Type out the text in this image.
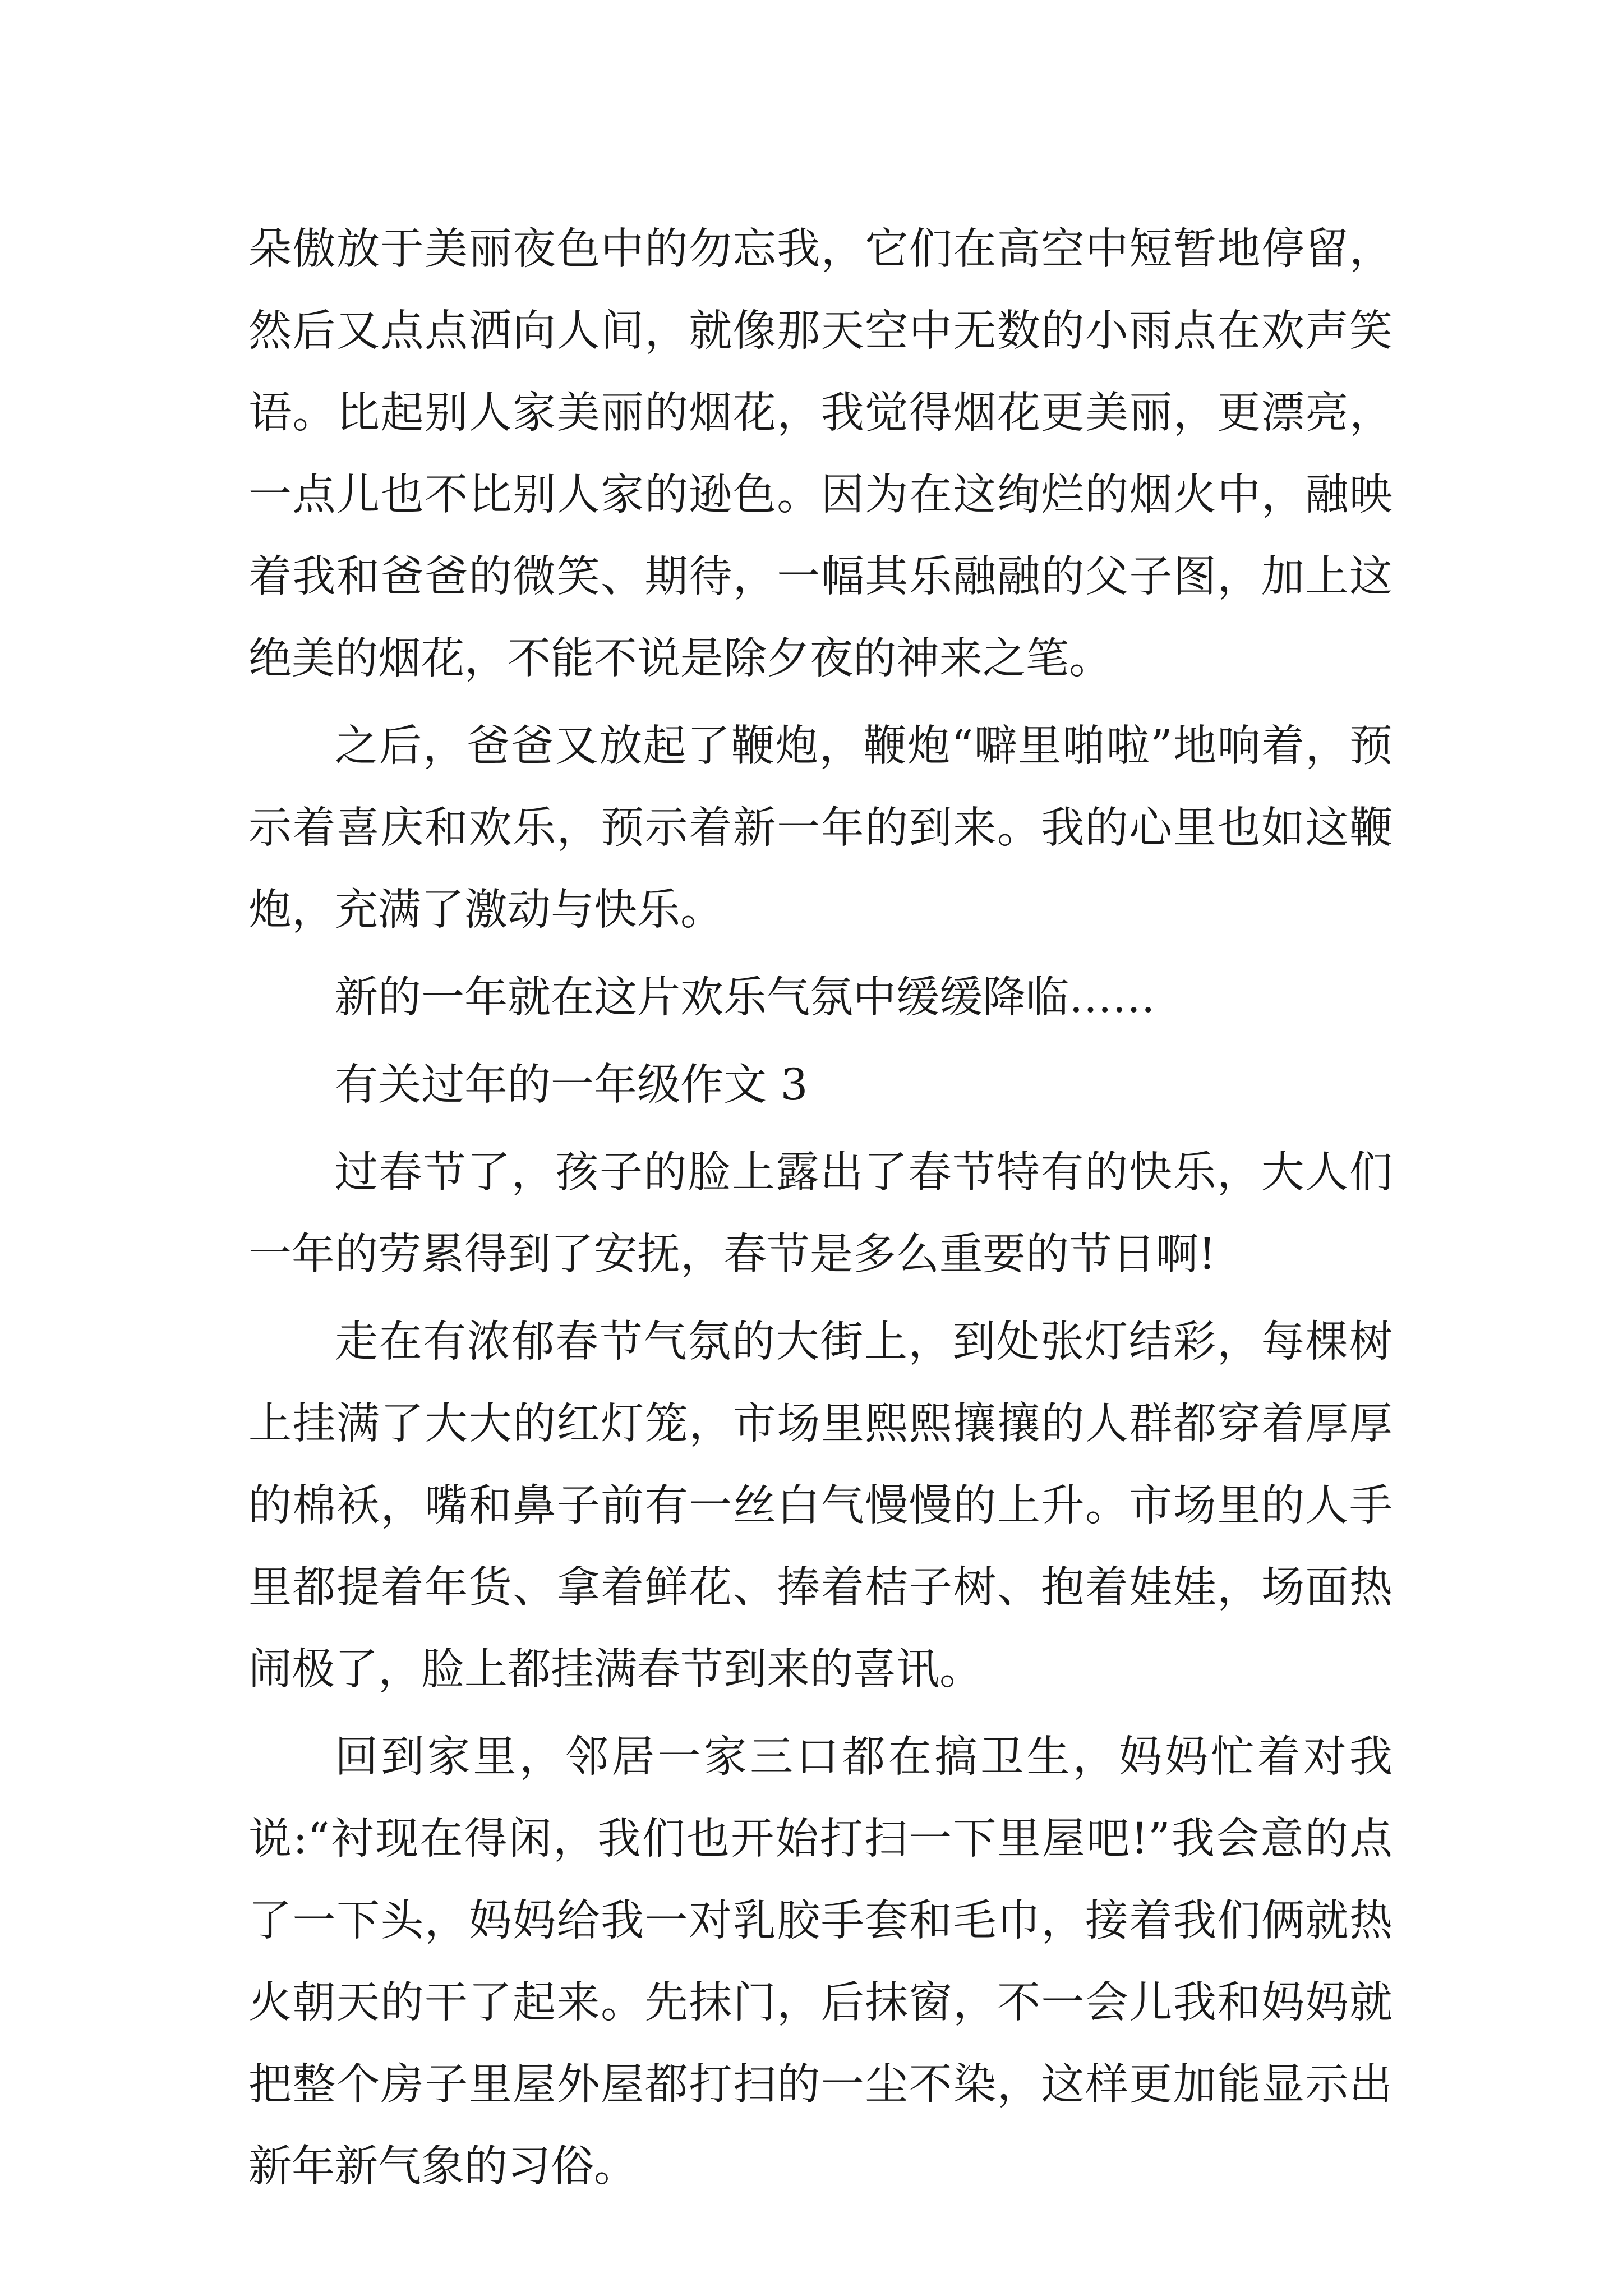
朵傲放于美丽夜色中的勿忘我，它们在高空中短暂地停留，然后又点点洒向人间，就像那天空中无数的小雨点在欢声笑语。比起别人家美丽的烟花，我觉得烟花更美丽，更漂亮，一点儿也不比别人家的逊色。因为在这绚烂的烟火中，融映着我和爸爸的微笑、期待，一幅其乐融融的父子图，加上这绝美的烟花，不能不说是除夕夜的神来之笔。

之后，爸爸又放起了鞭炮，鞭炮“噼里啪啦”地响着，预示着喜庆和欢乐，预示着新一年的到来。我的心里也如这鞭炮，充满了激动与快乐。

新的一年就在这片欢乐气氛中缓缓降临……

有关过年的一年级作文 3

过春节了，孩子的脸上露出了春节特有的快乐，大人们一年的劳累得到了安抚，春节是多么重要的节日啊!

走在有浓郁春节气氛的大街上，到处张灯结彩，每棵树上挂满了大大的红灯笼，市场里熙熙攘攘的人群都穿着厚厚的棉袄，嘴和鼻子前有一丝白气慢慢的上升。市场里的人手里都提着年货、拿着鲜花、捧着桔子树、抱着娃娃，场面热闹极了，脸上都挂满春节到来的喜讯。

回到家里，邻居一家三口都在搞卫生，妈妈忙着对我说:“衬现在得闲，我们也开始打扫一下里屋吧!”我会意的点了一下头，妈妈给我一对乳胶手套和毛巾，接着我们俩就热火朝天的干了起来。先抹门，后抹窗，不一会儿我和妈妈就把整个房子里屋外屋都打扫的一尘不染，这样更加能显示出新年新气象的习俗。
